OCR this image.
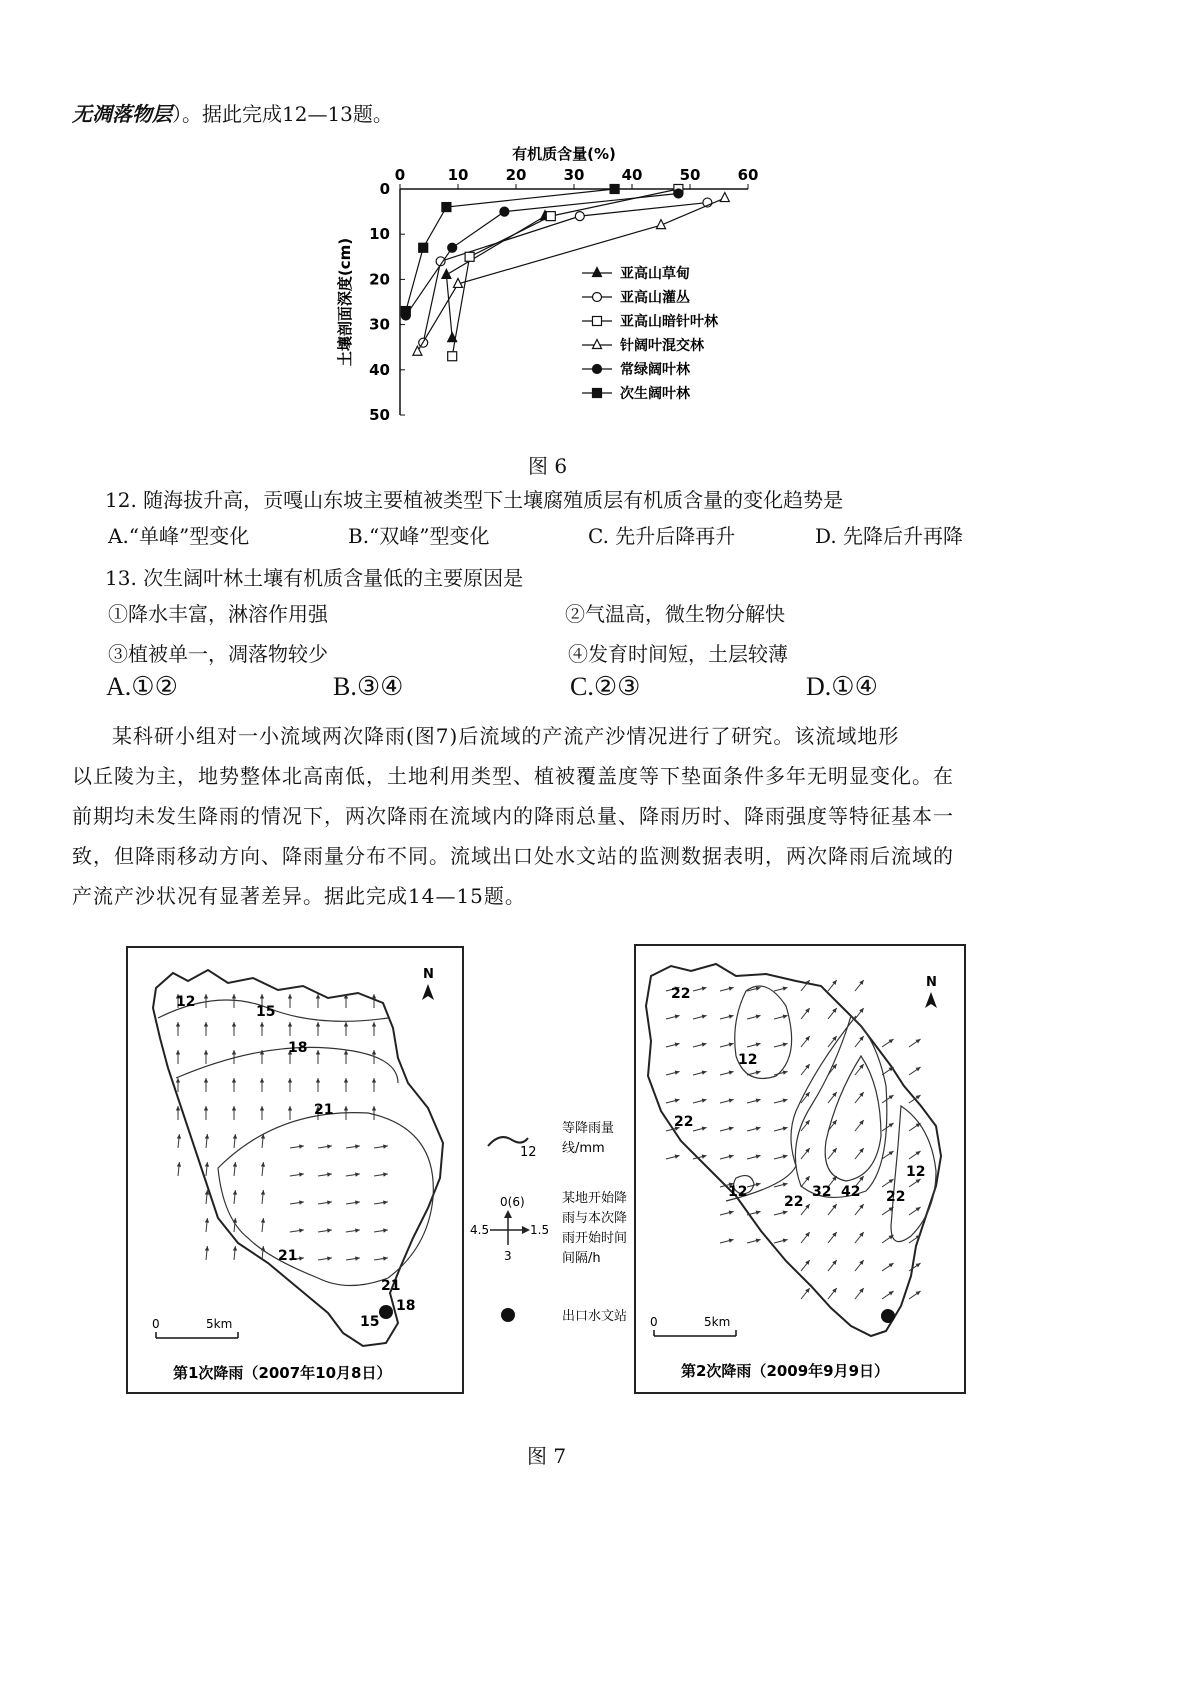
无凋落物层）。据此完成12—13题。
0	10 20 30 40 50 60
0
10
20
30
40
50
有机质含量(%)
土壤剖面深度(cm)	亚高山草甸
亚高山灌丛
亚高山暗针叶林
针阔叶混交林
常绿阔叶林
次生阔叶林
图 6
12. 随海拔升高，贡嘎山东坡主要植被类型下土壤腐殖质层有机质含量的变化趋势是
A.“单峰”型变化	B.“双峰”型变化	C. 先升后降再升	D. 先降后升再降
13. 次生阔叶林土壤有机质含量低的主要原因是
①降水丰富，淋溶作用强	②气温高，微生物分解快
③植被单一，凋落物较少	④发育时间短，土层较薄
A.①②	B.③④	C.②③	D.①④
某科研小组对一小流域两次降雨(图7)后流域的产流产沙情况进行了研究。该流域地形
以丘陵为主，地势整体北高南低，土地利用类型、植被覆盖度等下垫面条件多年无明显变化。在
前期均未发生降雨的情况下，两次降雨在流域内的降雨总量、降雨历时、降雨强度等特征基本一
致，但降雨移动方向、降雨量分布不同。流域出口处水文站的监测数据表明，两次降雨后流域的
产流产沙状况有显著差异。据此完成14—15题。
12
15
18
21
21
21
18
15
N
0	5km
第1次降雨（2007年10月8日）
12
等降雨量
线/mm
0(6)
4.5	1.5
3
某地开始降
雨与本次降
雨开始时间
间隔/h
出口水文站
22
12
22
12
22
32 42 22
12
N
0	5km
第2次降雨（2009年9月9日）
图 7
